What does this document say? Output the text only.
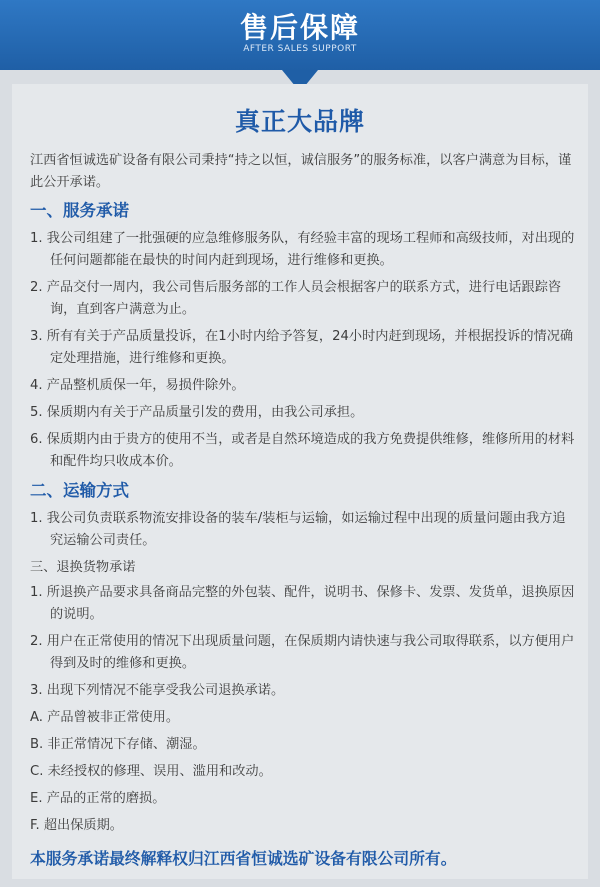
售后保障
AFTER SALES SUPPORT
真正大品牌
江西省恒诚选矿设备有限公司秉持“持之以恒，诚信服务”的服务标准，以客户满意为目标，谨此公开承诺。
一、服务承诺
1. 我公司组建了一批强硬的应急维修服务队，有经验丰富的现场工程师和高级技师，对出现的任何问题都能在最快的时间内赶到现场，进行维修和更换。
2. 产品交付一周内，我公司售后服务部的工作人员会根据客户的联系方式，进行电话跟踪咨询，直到客户满意为止。
3. 所有有关于产品质量投诉，在1小时内给予答复，24小时内赶到现场，并根据投诉的情况确定处理措施，进行维修和更换。
4. 产品整机质保一年，易损件除外。
5. 保质期内有关于产品质量引发的费用，由我公司承担。
6. 保质期内由于贵方的使用不当，或者是自然环境造成的我方免费提供维修，维修所用的材料和配件均只收成本价。
二、运输方式
1. 我公司负责联系物流安排设备的装车/装柜与运输，如运输过程中出现的质量问题由我方追究运输公司责任。
三、退换货物承诺
1. 所退换产品要求具备商品完整的外包装、配件，说明书、保修卡、发票、发货单，退换原因的说明。
2. 用户在正常使用的情况下出现质量问题，在保质期内请快速与我公司取得联系，以方便用户得到及时的维修和更换。
3. 出现下列情况不能享受我公司退换承诺。
A. 产品曾被非正常使用。
B. 非正常情况下存储、潮湿。
C. 未经授权的修理、误用、滥用和改动。
E. 产品的正常的磨损。
F. 超出保质期。
本服务承诺最终解释权归江西省恒诚选矿设备有限公司所有。
